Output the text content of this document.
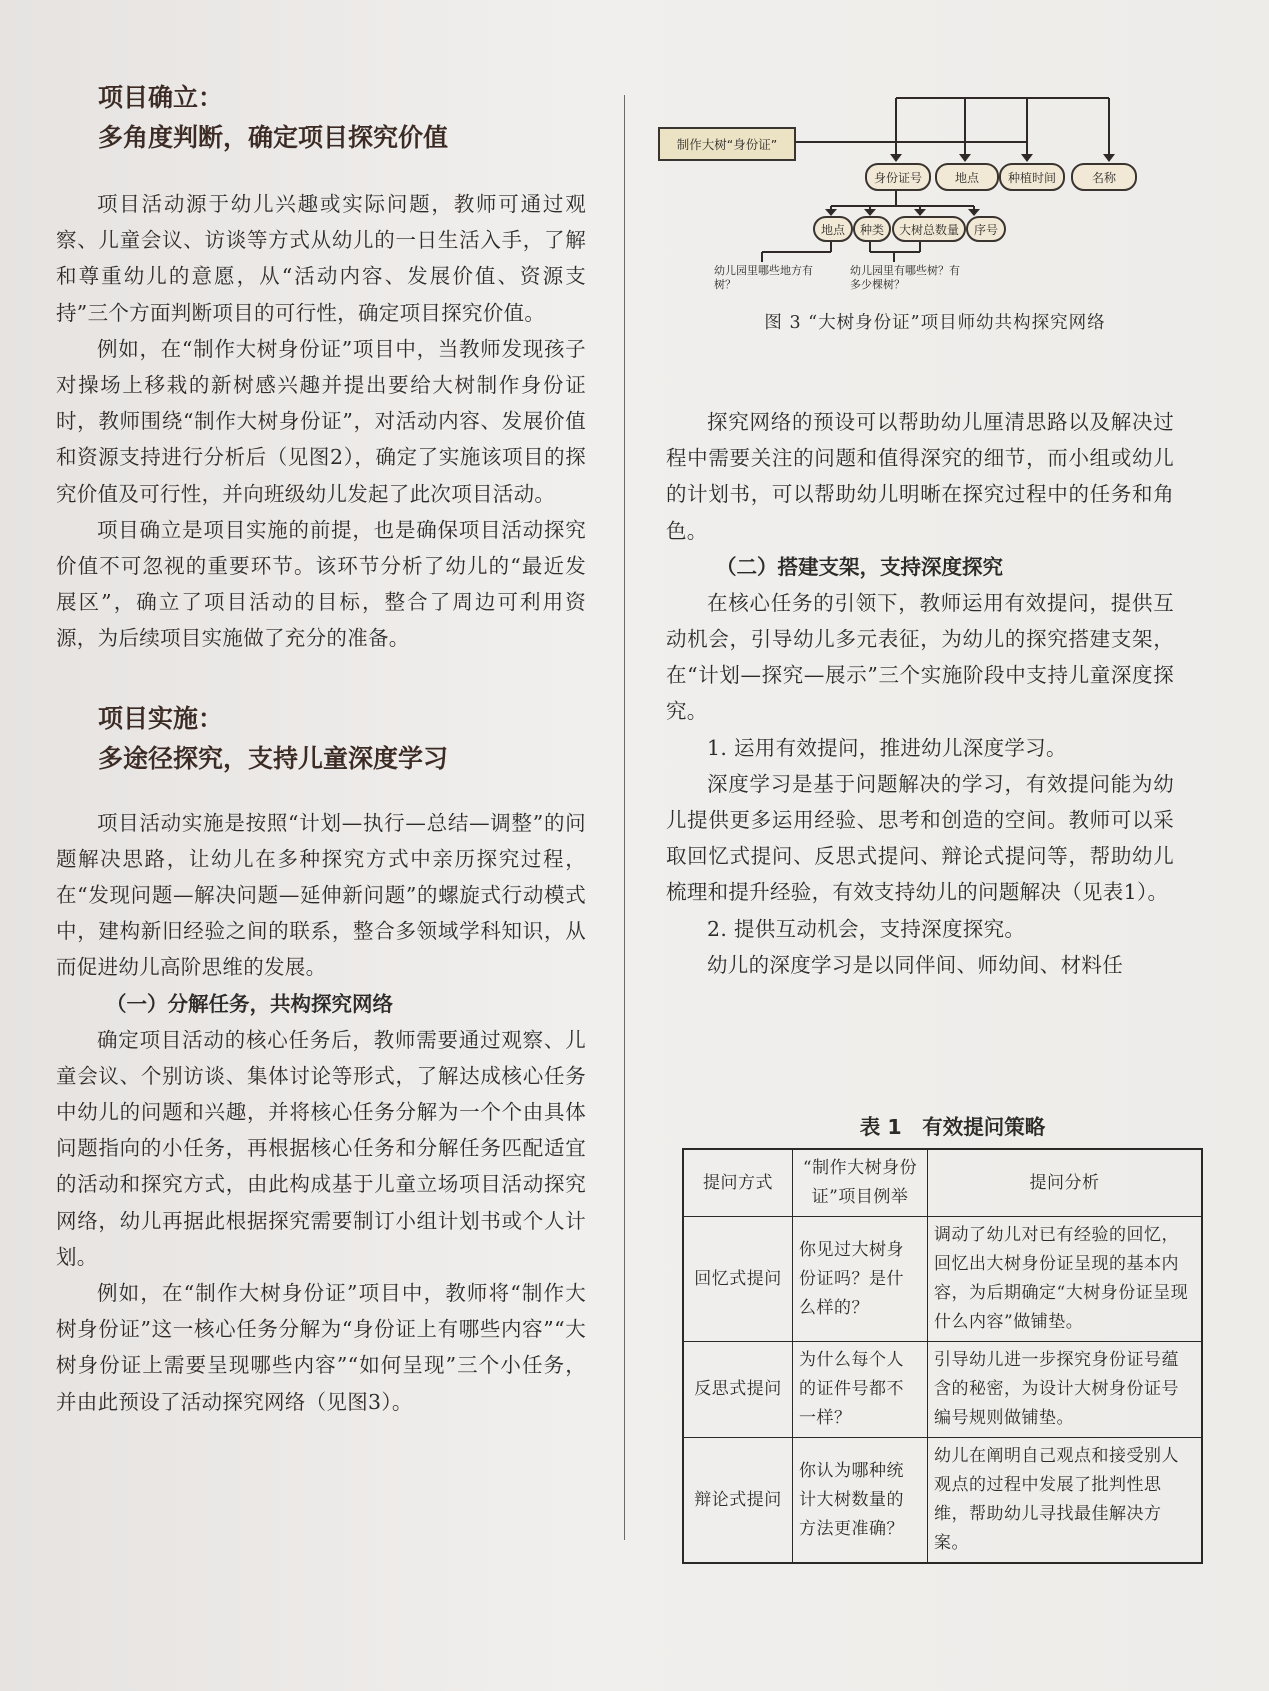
项目确立：
多角度判断，确定项目探究价值

项目活动源于幼儿兴趣或实际问题，教师可通过观察、儿童会议、访谈等方式从幼儿的一日生活入手，了解和尊重幼儿的意愿，从“活动内容、发展价值、资源支持”三个方面判断项目的可行性，确定项目探究价值。

例如，在“制作大树身份证”项目中，当教师发现孩子对操场上移栽的新树感兴趣并提出要给大树制作身份证时，教师围绕“制作大树身份证”，对活动内容、发展价值和资源支持进行分析后（见图2），确定了实施该项目的探究价值及可行性，并向班级幼儿发起了此次项目活动。

项目确立是项目实施的前提，也是确保项目活动探究价值不可忽视的重要环节。该环节分析了幼儿的“最近发展区”，确立了项目活动的目标，整合了周边可利用资源，为后续项目实施做了充分的准备。

项目实施：
多途径探究，支持儿童深度学习

项目活动实施是按照“计划—执行—总结—调整”的问题解决思路，让幼儿在多种探究方式中亲历探究过程，在“发现问题—解决问题—延伸新问题”的螺旋式行动模式中，建构新旧经验之间的联系，整合多领域学科知识，从而促进幼儿高阶思维的发展。

（一）分解任务，共构探究网络

确定项目活动的核心任务后，教师需要通过观察、儿童会议、个别访谈、集体讨论等形式，了解达成核心任务中幼儿的问题和兴趣，并将核心任务分解为一个个由具体问题指向的小任务，再根据核心任务和分解任务匹配适宜的活动和探究方式，由此构成基于儿童立场项目活动探究网络，幼儿再据此根据探究需要制订小组计划书或个人计划。

例如，在“制作大树身份证”项目中，教师将“制作大树身份证”这一核心任务分解为“身份证上有哪些内容”“大树身份证上需要呈现哪些内容”“如何呈现”三个小任务，并由此预设了活动探究网络（见图3）。

制作大树“身份证”
身份证号	地点	种植时间	名称
地点	种类	大树总数量	序号
幼儿园里哪些地方有树？
幼儿园里有哪些树？有多少棵树？
图 3 “大树身份证”项目师幼共构探究网络

探究网络的预设可以帮助幼儿厘清思路以及解决过程中需要关注的问题和值得深究的细节，而小组或幼儿的计划书，可以帮助幼儿明晰在探究过程中的任务和角色。

（二）搭建支架，支持深度探究

在核心任务的引领下，教师运用有效提问，提供互动机会，引导幼儿多元表征，为幼儿的探究搭建支架，在“计划—探究—展示”三个实施阶段中支持儿童深度探究。

1. 运用有效提问，推进幼儿深度学习。

深度学习是基于问题解决的学习，有效提问能为幼儿提供更多运用经验、思考和创造的空间。教师可以采取回忆式提问、反思式提问、辩论式提问等，帮助幼儿梳理和提升经验，有效支持幼儿的问题解决（见表1）。

2. 提供互动机会，支持深度探究。

幼儿的深度学习是以同伴间、师幼间、材料任

表 1　有效提问策略
提问方式	“制作大树身份证”项目例举	提问分析
回忆式提问	你见过大树身份证吗？是什么样的？	调动了幼儿对已有经验的回忆，回忆出大树身份证呈现的基本内容，为后期确定“大树身份证呈现什么内容”做铺垫。
反思式提问	为什么每个人的证件号都不一样？	引导幼儿进一步探究身份证号蕴含的秘密，为设计大树身份证号编号规则做铺垫。
辩论式提问	你认为哪种统计大树数量的方法更准确？	幼儿在阐明自己观点和接受别人观点的过程中发展了批判性思维，帮助幼儿寻找最佳解决方案。
